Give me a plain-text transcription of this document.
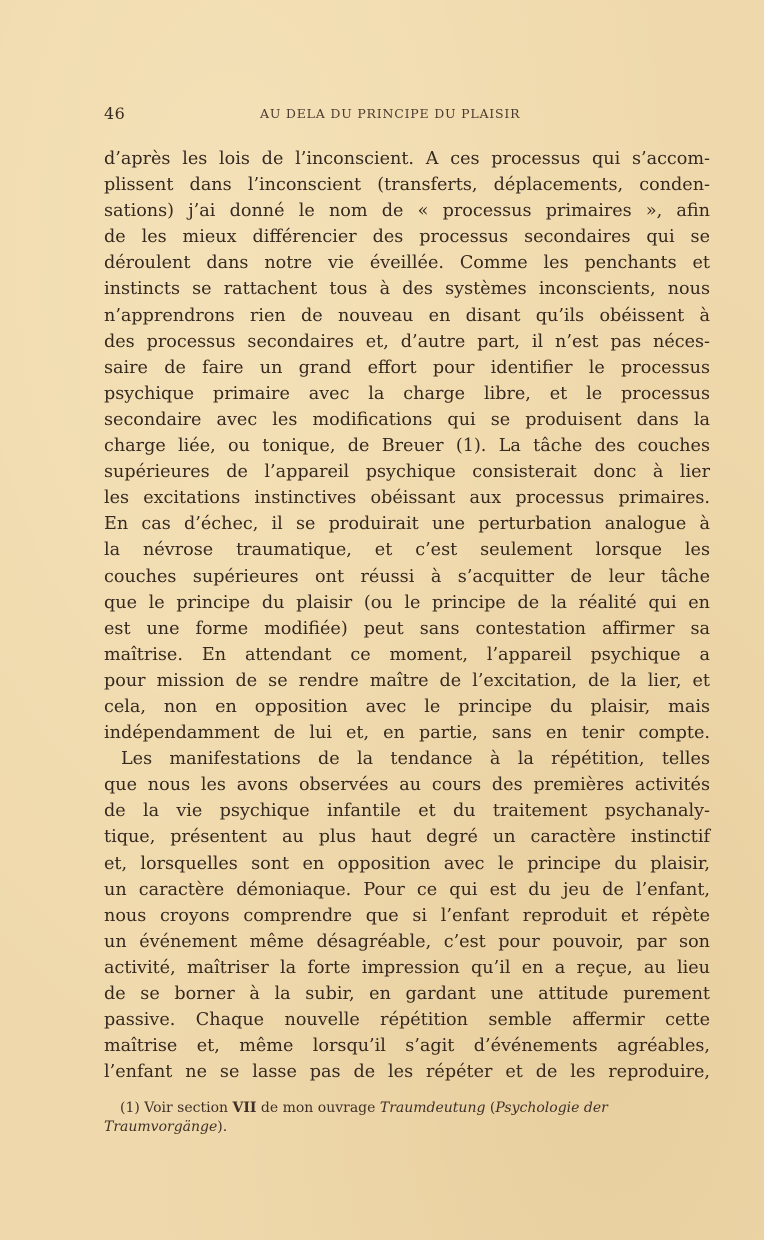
46	AU DELA DU PRINCIPE DU PLAISIR
d’après les lois de l’inconscient. A ces processus qui s’accom-
plissent dans l’inconscient (transferts, déplacements, conden-
sations) j’ai donné le nom de « processus primaires », afin
de les mieux différencier des processus secondaires qui se
déroulent dans notre vie éveillée. Comme les penchants et
instincts se rattachent tous à des systèmes inconscients, nous
n’apprendrons rien de nouveau en disant qu’ils obéissent à
des processus secondaires et, d’autre part, il n’est pas néces-
saire de faire un grand effort pour identifier le processus
psychique primaire avec la charge libre, et le processus
secondaire avec les modifications qui se produisent dans la
charge liée, ou tonique, de Breuer (1). La tâche des couches
supérieures de l’appareil psychique consisterait donc à lier
les excitations instinctives obéissant aux processus primaires.
En cas d’échec, il se produirait une perturbation analogue à
la névrose traumatique, et c’est seulement lorsque les
couches supérieures ont réussi à s’acquitter de leur tâche
que le principe du plaisir (ou le principe de la réalité qui en
est une forme modifiée) peut sans contestation affirmer sa
maîtrise. En attendant ce moment, l’appareil psychique a
pour mission de se rendre maître de l’excitation, de la lier, et
cela, non en opposition avec le principe du plaisir, mais
indépendamment de lui et, en partie, sans en tenir compte.
Les manifestations de la tendance à la répétition, telles
que nous les avons observées au cours des premières activités
de la vie psychique infantile et du traitement psychanaly-
tique, présentent au plus haut degré un caractère instinctif
et, lorsquelles sont en opposition avec le principe du plaisir,
un caractère démoniaque. Pour ce qui est du jeu de l’enfant,
nous croyons comprendre que si l’enfant reproduit et répète
un événement même désagréable, c’est pour pouvoir, par son
activité, maîtriser la forte impression qu’il en a reçue, au lieu
de se borner à la subir, en gardant une attitude purement
passive. Chaque nouvelle répétition semble affermir cette
maîtrise et, même lorsqu’il s’agit d’événements agréables,
l’enfant ne se lasse pas de les répéter et de les reproduire,
(1) Voir section VII de mon ouvrage Traumdeutung (Psychologie der
Traumvorgänge).
